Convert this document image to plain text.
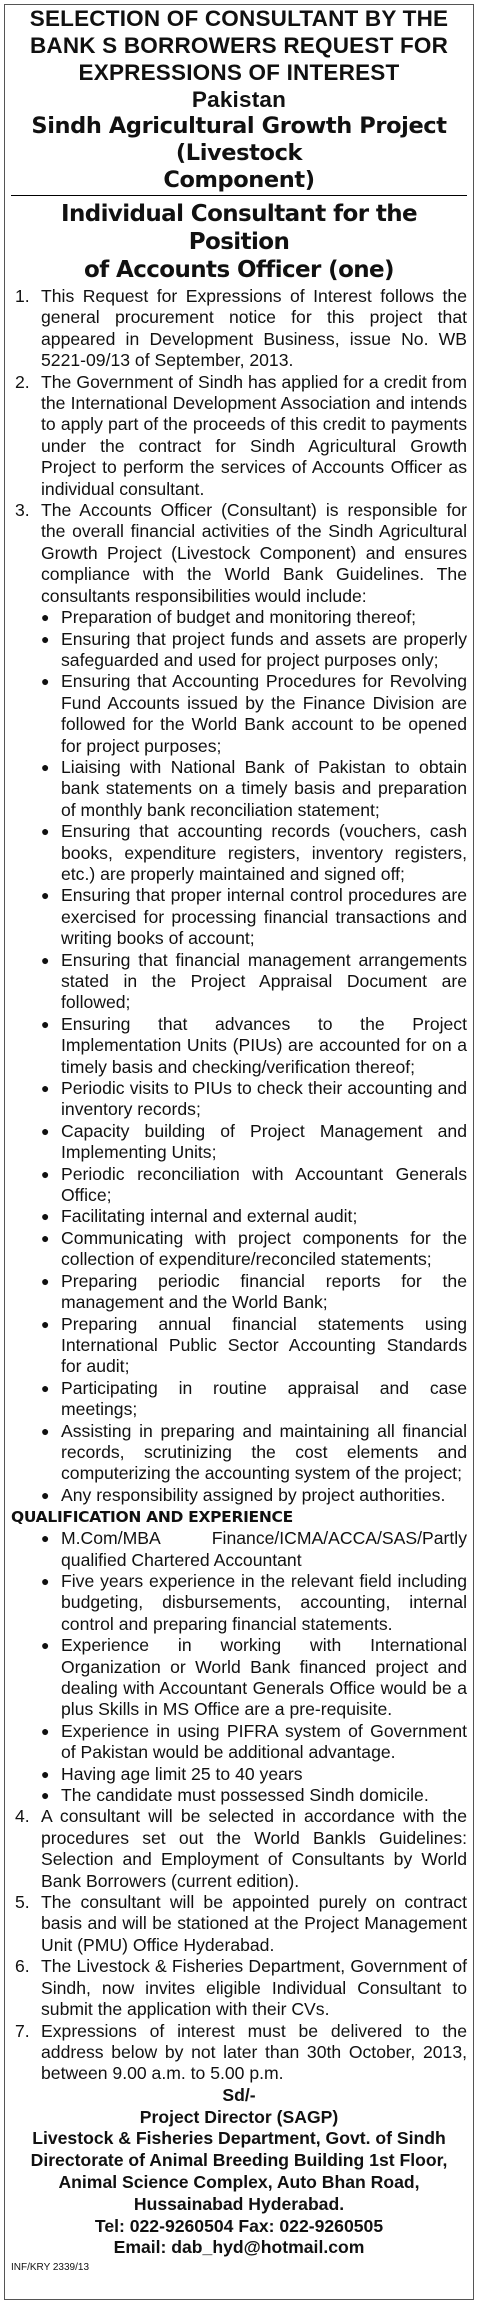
SELECTION OF CONSULTANT BY THE
BANK S BORROWERS REQUEST FOR
EXPRESSIONS OF INTEREST
Pakistan
Sindh Agricultural Growth Project (Livestock
Component)
Individual Consultant for the Position
of Accounts Officer (one)
1. This Request for Expressions of Interest follows the general procurement notice for this project that appeared in Development Business, issue No. WB 5221-09/13 of September, 2013.
2. The Government of Sindh has applied for a credit from the International Development Association and intends to apply part of the proceeds of this credit to payments under the contract for Sindh Agricultural Growth Project to perform the services of Accounts Officer as individual consultant.
3. The Accounts Officer (Consultant) is responsible for the overall financial activities of the Sindh Agricultural Growth Project (Livestock Component) and ensures compliance with the World Bank Guidelines. The consultants responsibilities would include:
● Preparation of budget and monitoring thereof;
● Ensuring that project funds and assets are properly safeguarded and used for project purposes only;
● Ensuring that Accounting Procedures for Revolving Fund Accounts issued by the Finance Division are followed for the World Bank account to be opened for project purposes;
● Liaising with National Bank of Pakistan to obtain bank statements on a timely basis and preparation of monthly bank reconciliation statement;
● Ensuring that accounting records (vouchers, cash books, expenditure registers, inventory registers, etc.) are properly maintained and signed off;
● Ensuring that proper internal control procedures are exercised for processing financial transactions and writing books of account;
● Ensuring that financial management arrangements stated in the Project Appraisal Document are followed;
● Ensuring that advances to the Project Implementation Units (PIUs) are accounted for on a timely basis and checking/verification thereof;
● Periodic visits to PIUs to check their accounting and inventory records;
● Capacity building of Project Management and Implementing Units;
● Periodic reconciliation with Accountant Generals Office;
● Facilitating internal and external audit;
● Communicating with project components for the collection of expenditure/reconciled statements;
● Preparing periodic financial reports for the management and the World Bank;
● Preparing annual financial statements using International Public Sector Accounting Standards for audit;
● Participating in routine appraisal and case meetings;
● Assisting in preparing and maintaining all financial records, scrutinizing the cost elements and computerizing the accounting system of the project;
● Any responsibility assigned by project authorities.
QUALIFICATION AND EXPERIENCE
● M.Com/MBA Finance/ICMA/ACCA/SAS/Partly qualified Chartered Accountant
● Five years experience in the relevant field including budgeting, disbursements, accounting, internal control and preparing financial statements.
● Experience in working with International Organization or World Bank financed project and dealing with Accountant Generals Office would be a plus Skills in MS Office are a pre-requisite.
● Experience in using PIFRA system of Government of Pakistan would be additional advantage.
● Having age limit 25 to 40 years
● The candidate must possessed Sindh domicile.
4. A consultant will be selected in accordance with the procedures set out the World Bankls Guidelines: Selection and Employment of Consultants by World Bank Borrowers (current edition).
5. The consultant will be appointed purely on contract basis and will be stationed at the Project Management Unit (PMU) Office Hyderabad.
6. The Livestock & Fisheries Department, Government of Sindh, now invites eligible Individual Consultant to submit the application with their CVs.
7. Expressions of interest must be delivered to the address below by not later than 30th October, 2013, between 9.00 a.m. to 5.00 p.m.
Sd/-
Project Director (SAGP)
Livestock & Fisheries Department, Govt. of Sindh
Directorate of Animal Breeding Building 1st Floor,
Animal Science Complex, Auto Bhan Road,
Hussainabad Hyderabad.
Tel: 022-9260504 Fax: 022-9260505
Email: dab_hyd@hotmail.com
INF/KRY 2339/13
